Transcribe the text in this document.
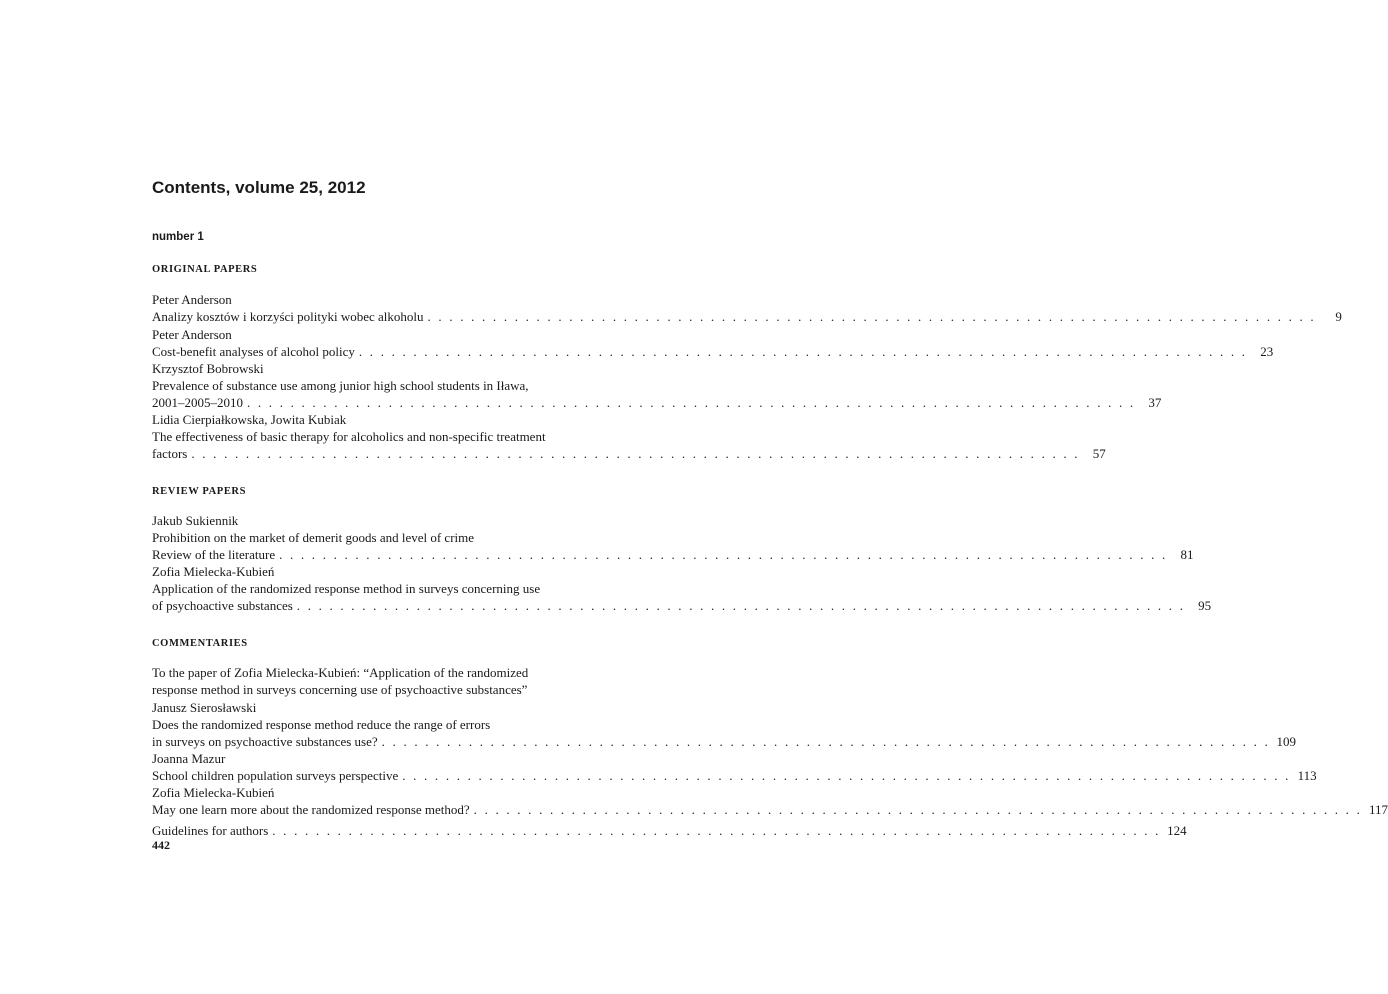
Contents, volume 25, 2012
number 1
ORIGINAL PAPERS
Peter Anderson
Analizy kosztów i korzyści polityki wobec alkoholu . . . . . . . . . . . . . . . . . . . . . . . . . . . . . . . . . . . . . . . . . . . . . . . . . . . . . . . . . . . . . . . . . . . . . . . . . . . . . . . . . .	9
Peter Anderson
Cost-benefit analyses of alcohol policy . . . . . . . . . . . . . . . . . . . . . . . . . . . . . . . . . . . . . . . . . . . . . . . . . . . . . . . . . . . . . . . . . . . . . . . . . . . . . . . . . .	23
Krzysztof Bobrowski
Prevalence of substance use among junior high school students in Iława,
2001–2005–2010 . . . . . . . . . . . . . . . . . . . . . . . . . . . . . . . . . . . . . . . . . . . . . . . . . . . . . . . . . . . . . . . . . . . . . . . . . . . . . . . . . .	37
Lidia Cierpiałkowska, Jowita Kubiak
The effectiveness of basic therapy for alcoholics and non-specific treatment
factors . . . . . . . . . . . . . . . . . . . . . . . . . . . . . . . . . . . . . . . . . . . . . . . . . . . . . . . . . . . . . . . . . . . . . . . . . . . . . . . . . .	57
REVIEW PAPERS
Jakub Sukiennik
Prohibition on the market of demerit goods and level of crime
Review of the literature . . . . . . . . . . . . . . . . . . . . . . . . . . . . . . . . . . . . . . . . . . . . . . . . . . . . . . . . . . . . . . . . . . . . . . . . . . . . . . . . . .	81
Zofia Mielecka-Kubień
Application of the randomized response method in surveys concerning use
of psychoactive substances . . . . . . . . . . . . . . . . . . . . . . . . . . . . . . . . . . . . . . . . . . . . . . . . . . . . . . . . . . . . . . . . . . . . . . . . . . . . . . . . . .	95
COMMENTARIES
To the paper of Zofia Mielecka-Kubień: “Application of the randomized
response method in surveys concerning use of psychoactive substances”
Janusz Sierosławski
Does the randomized response method reduce the range of errors
in surveys on psychoactive substances use? . . . . . . . . . . . . . . . . . . . . . . . . . . . . . . . . . . . . . . . . . . . . . . . . . . . . . . . . . . . . . . . . . . . . . . . . . . . . . . . . . . 109
Joanna Mazur
School children population surveys perspective . . . . . . . . . . . . . . . . . . . . . . . . . . . . . . . . . . . . . . . . . . . . . . . . . . . . . . . . . . . . . . . . . . . . . . . . . . . . . . . . . . 113
Zofia Mielecka-Kubień
May one learn more about the randomized response method? . . . . . . . . . . . . . . . . . . . . . . . . . . . . . . . . . . . . . . . . . . . . . . . . . . . . . . . . . . . . . . . . . . . . . . . . . . . . . . . . . . 117
Guidelines for authors . . . . . . . . . . . . . . . . . . . . . . . . . . . . . . . . . . . . . . . . . . . . . . . . . . . . . . . . . . . . . . . . . . . . . . . . . . . . . . . . . . 124
442
